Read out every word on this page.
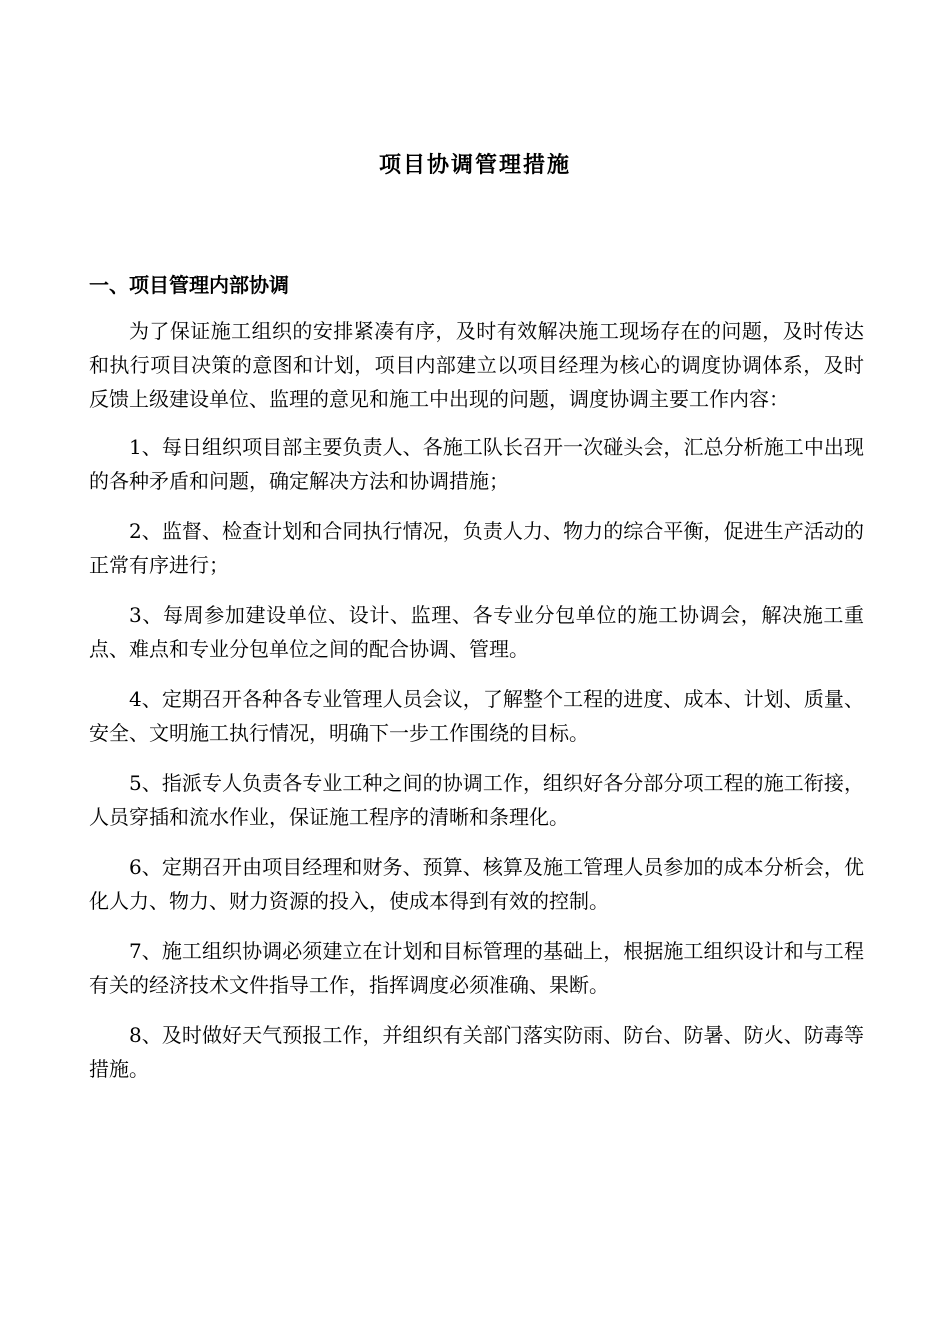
项目协调管理措施
一、项目管理内部协调

为了保证施工组织的安排紧凑有序，及时有效解决施工现场存在的问题，及时传达和执行项目决策的意图和计划，项目内部建立以项目经理为核心的调度协调体系，及时反馈上级建设单位、监理的意见和施工中出现的问题，调度协调主要工作内容：

1、每日组织项目部主要负责人、各施工队长召开一次碰头会，汇总分析施工中出现的各种矛盾和问题，确定解决方法和协调措施；

2、监督、检查计划和合同执行情况，负责人力、物力的综合平衡，促进生产活动的正常有序进行；

3、每周参加建设单位、设计、监理、各专业分包单位的施工协调会，解决施工重点、难点和专业分包单位之间的配合协调、管理。

4、定期召开各种各专业管理人员会议，了解整个工程的进度、成本、计划、质量、安全、文明施工执行情况，明确下一步工作围绕的目标。

5、指派专人负责各专业工种之间的协调工作，组织好各分部分项工程的施工衔接，人员穿插和流水作业，保证施工程序的清晰和条理化。

6、定期召开由项目经理和财务、预算、核算及施工管理人员参加的成本分析会，优化人力、物力、财力资源的投入，使成本得到有效的控制。

7、施工组织协调必须建立在计划和目标管理的基础上，根据施工组织设计和与工程有关的经济技术文件指导工作，指挥调度必须准确、果断。

8、及时做好天气预报工作，并组织有关部门落实防雨、防台、防暑、防火、防毒等措施。
